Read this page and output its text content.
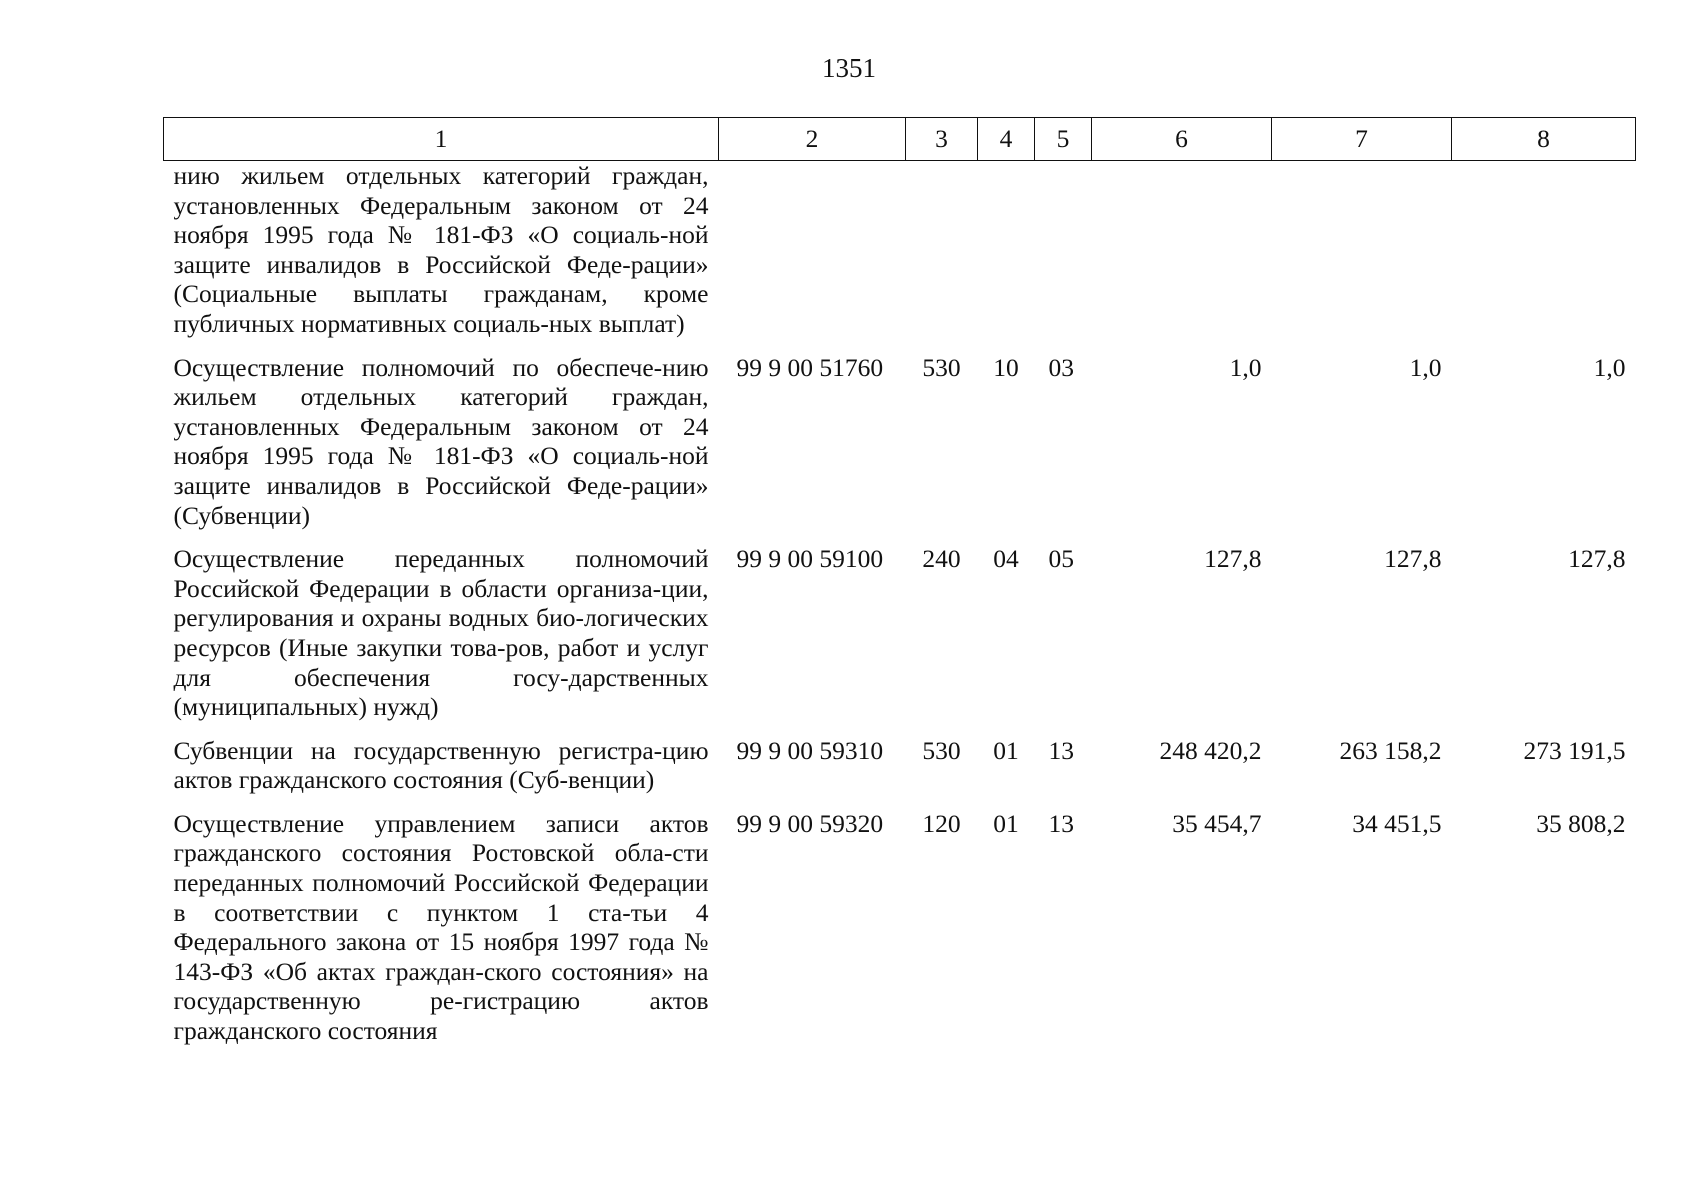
1351
1	2	3	4	5	6	7	8
нию жильем отдельных категорий граждан, установленных Федеральным законом от 24 ноября 1995 года № 181-ФЗ «О социаль-ной защите инвалидов в Российской Феде-рации» (Социальные выплаты гражданам, кроме публичных нормативных социаль-ных выплат)							

Осуществление полномочий по обеспече-нию жильем отдельных категорий граждан, установленных Федеральным законом от 24 ноября 1995 года № 181-ФЗ «О социаль-ной защите инвалидов в Российской Феде-рации» (Субвенции)	99 9 00 51760	530	10	03	1,0	1,0	1,0

Осуществление переданных полномочий Российской Федерации в области организа-ции, регулирования и охраны водных био-логических ресурсов (Иные закупки това-ров, работ и услуг для обеспечения госу-дарственных (муниципальных) нужд)	99 9 00 59100	240	04	05	127,8	127,8	127,8

Субвенции на государственную регистра-цию актов гражданского состояния (Суб-венции)	99 9 00 59310	530	01	13	248 420,2	263 158,2	273 191,5

Осуществление управлением записи актов гражданского состояния Ростовской обла-сти переданных полномочий Российской Федерации в соответствии с пунктом 1 ста-тьи 4 Федерального закона от 15 ноября 1997 года № 143-ФЗ «Об актах граждан-ского состояния» на государственную ре-гистрацию актов гражданского состояния	99 9 00 59320	120	01	13	35 454,7	34 451,5	35 808,2
